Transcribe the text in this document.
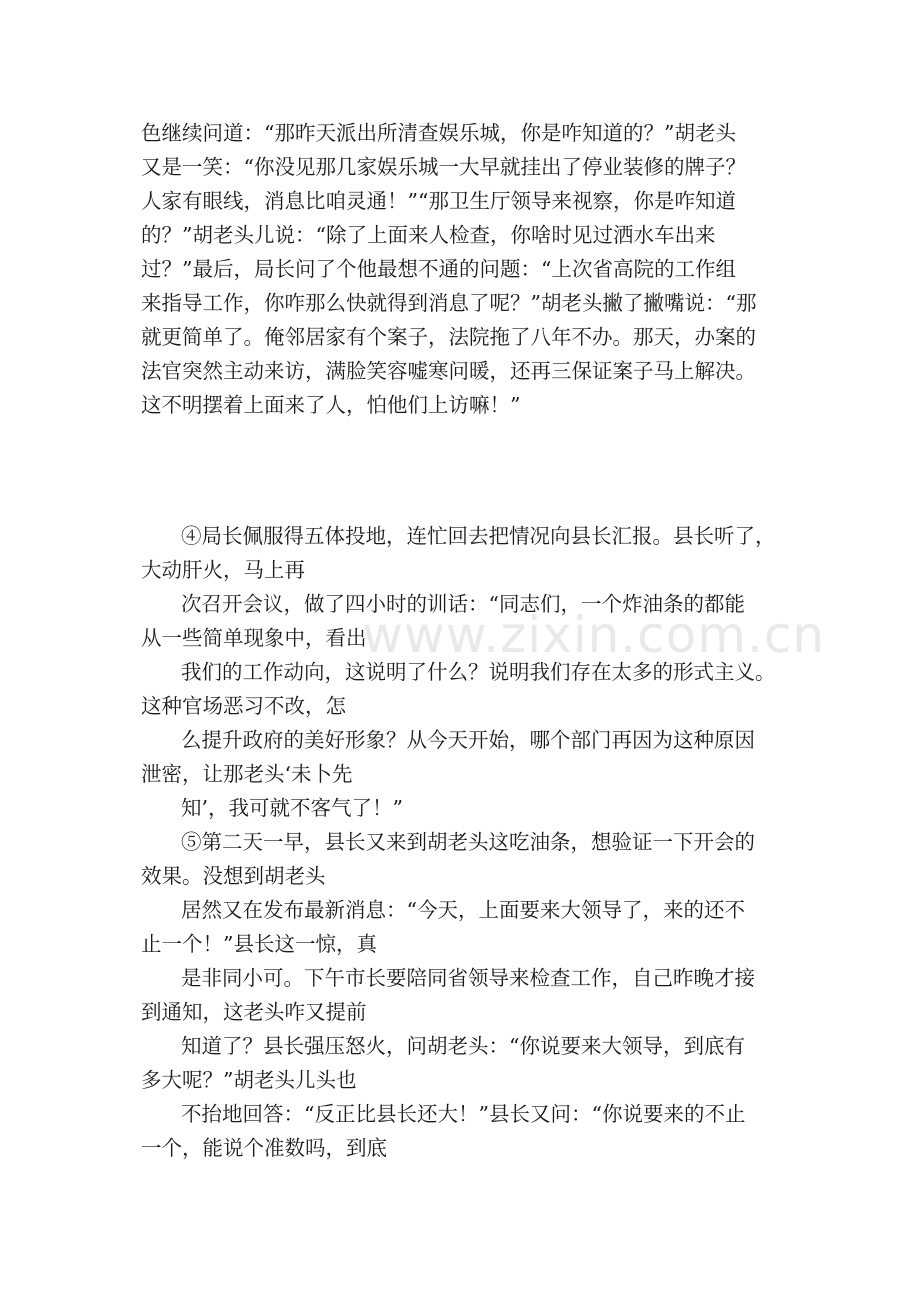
www.zixin.com.cn
色继续问道：“那昨天派出所清查娱乐城，你是咋知道的？”胡老头
又是一笑：“你没见那几家娱乐城一大早就挂出了停业装修的牌子？
人家有眼线，消息比咱灵通！”“那卫生厅领导来视察，你是咋知道
的？”胡老头儿说：“除了上面来人检查，你啥时见过洒水车出来
过？”最后，局长问了个他最想不通的问题：“上次省高院的工作组
来指导工作，你咋那么快就得到消息了呢？”胡老头撇了撇嘴说：“那
就更简单了。俺邻居家有个案子，法院拖了八年不办。那天，办案的
法官突然主动来访，满脸笑容嘘寒问暖，还再三保证案子马上解决。
这不明摆着上面来了人，怕他们上访嘛！”
④局长佩服得五体投地，连忙回去把情况向县长汇报。县长听了，
大动肝火，马上再
次召开会议，做了四小时的训话：“同志们，一个炸油条的都能
从一些简单现象中，看出
我们的工作动向，这说明了什么？说明我们存在太多的形式主义。
这种官场恶习不改，怎
么提升政府的美好形象？从今天开始，哪个部门再因为这种原因
泄密，让那老头‘未卜先
知’，我可就不客气了！”
⑤第二天一早，县长又来到胡老头这吃油条，想验证一下开会的
效果。没想到胡老头
居然又在发布最新消息：“今天，上面要来大领导了，来的还不
止一个！”县长这一惊，真
是非同小可。下午市长要陪同省领导来检查工作，自己昨晚才接
到通知，这老头咋又提前
知道了？县长强压怒火，问胡老头：“你说要来大领导，到底有
多大呢？”胡老头儿头也
不抬地回答：“反正比县长还大！”县长又问：“你说要来的不止
一个，能说个准数吗，到底
